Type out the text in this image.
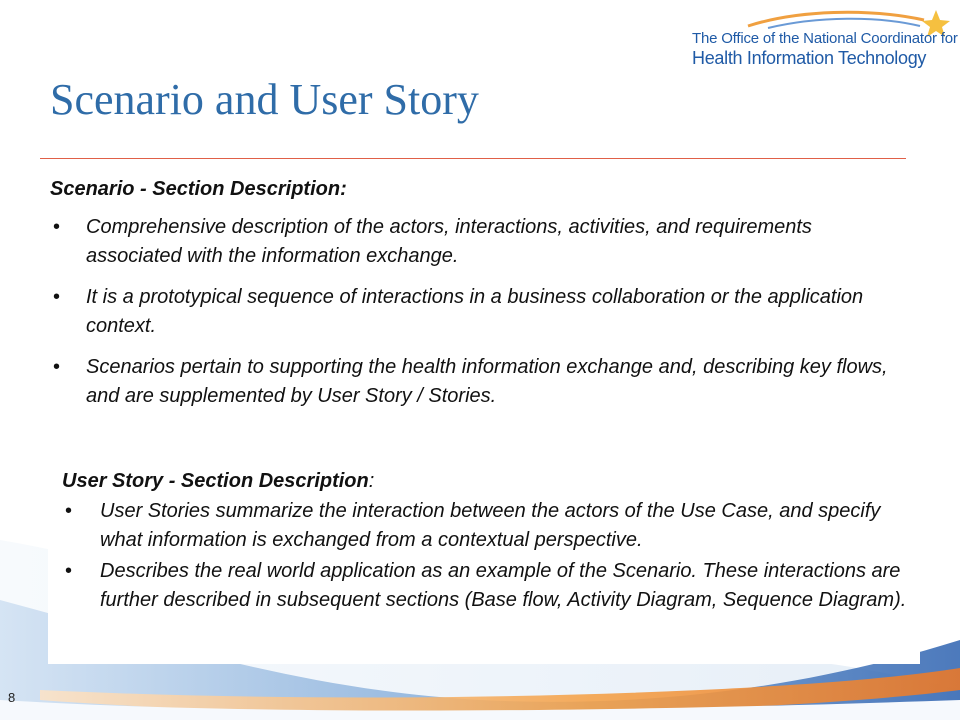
The Office of the National Coordinator for
Health Information Technology
Scenario and User Story
Scenario - Section Description:
• Comprehensive description of the actors, interactions, activities, and requirements associated with the information exchange.
• It is a prototypical sequence of interactions in a business collaboration or the application context.
• Scenarios pertain to supporting the health information exchange and, describing key flows, and are supplemented by User Story / Stories.
User Story - Section Description:
• User Stories summarize the interaction between the actors of the Use Case, and specify what information is exchanged from a contextual perspective.
• Describes the real world application as an example of the Scenario. These interactions are further described in subsequent sections (Base flow, Activity Diagram, Sequence Diagram).
8
